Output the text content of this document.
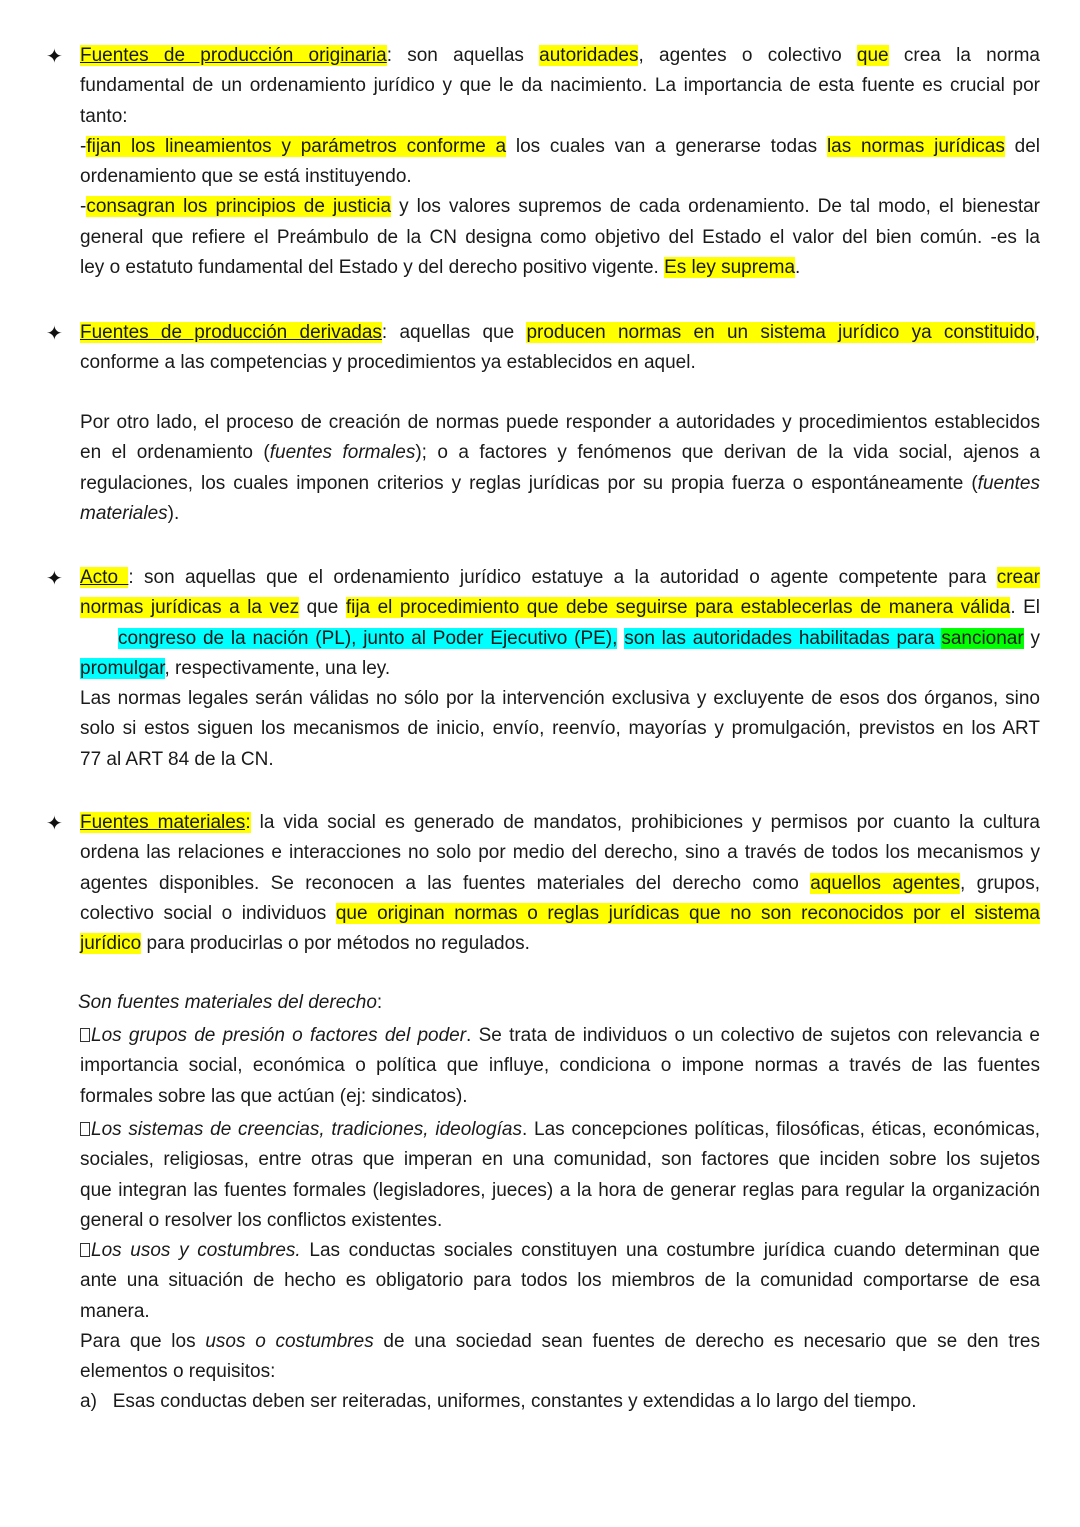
✦ Fuentes de producción originaria: son aquellas autoridades, agentes o colectivo que crea la norma
fundamental de un ordenamiento jurídico y que le da nacimiento. La importancia de esta fuente es crucial por
tanto:
-fijan los lineamientos y parámetros conforme a los cuales van a generarse todas las normas jurídicas del
ordenamiento que se está instituyendo.
-consagran los principios de justicia y los valores supremos de cada ordenamiento. De tal modo, el bienestar
general que refiere el Preámbulo de la CN designa como objetivo del Estado el valor del bien común. -es la
ley o estatuto fundamental del Estado y del derecho positivo vigente. Es ley suprema.
✦ Fuentes de producción derivadas: aquellas que producen normas en un sistema jurídico ya constituido,
conforme a las competencias y procedimientos ya establecidos en aquel.
Por otro lado, el proceso de creación de normas puede responder a autoridades y procedimientos establecidos
en el ordenamiento (fuentes formales); o a factores y fenómenos que derivan de la vida social, ajenos a
regulaciones, los cuales imponen criterios y reglas jurídicas por su propia fuerza o espontáneamente (fuentes
materiales).
✦ Acto : son aquellas que el ordenamiento jurídico estatuye a la autoridad o agente competente para crear
normas jurídicas a la vez que fija el procedimiento que debe seguirse para establecerlas de manera válida. El
congreso de la nación (PL), junto al Poder Ejecutivo (PE), son las autoridades habilitadas para sancionar y
promulgar, respectivamente, una ley.
Las normas legales serán válidas no sólo por la intervención exclusiva y excluyente de esos dos órganos, sino
solo si estos siguen los mecanismos de inicio, envío, reenvío, mayorías y promulgación, previstos en los ART
77 al ART 84 de la CN.
✦ Fuentes materiales: la vida social es generado de mandatos, prohibiciones y permisos por cuanto la cultura
ordena las relaciones e interacciones no solo por medio del derecho, sino a través de todos los mecanismos y
agentes disponibles. Se reconocen a las fuentes materiales del derecho como aquellos agentes, grupos,
colectivo social o individuos que originan normas o reglas jurídicas que no son reconocidos por el sistema
jurídico para producirlas o por métodos no regulados.
Son fuentes materiales del derecho:
Los grupos de presión o factores del poder. Se trata de individuos o un colectivo de sujetos con relevancia e
importancia social, económica o política que influye, condiciona o impone normas a través de las fuentes
formales sobre las que actúan (ej: sindicatos).
Los sistemas de creencias, tradiciones, ideologías. Las concepciones políticas, filosóficas, éticas, económicas,
sociales, religiosas, entre otras que imperan en una comunidad, son factores que inciden sobre los sujetos
que integran las fuentes formales (legisladores, jueces) a la hora de generar reglas para regular la organización
general o resolver los conflictos existentes.
Los usos y costumbres. Las conductas sociales constituyen una costumbre jurídica cuando determinan que
ante una situación de hecho es obligatorio para todos los miembros de la comunidad comportarse de esa
manera.
Para que los usos o costumbres de una sociedad sean fuentes de derecho es necesario que se den tres
elementos o requisitos:
a) Esas conductas deben ser reiteradas, uniformes, constantes y extendidas a lo largo del tiempo.
